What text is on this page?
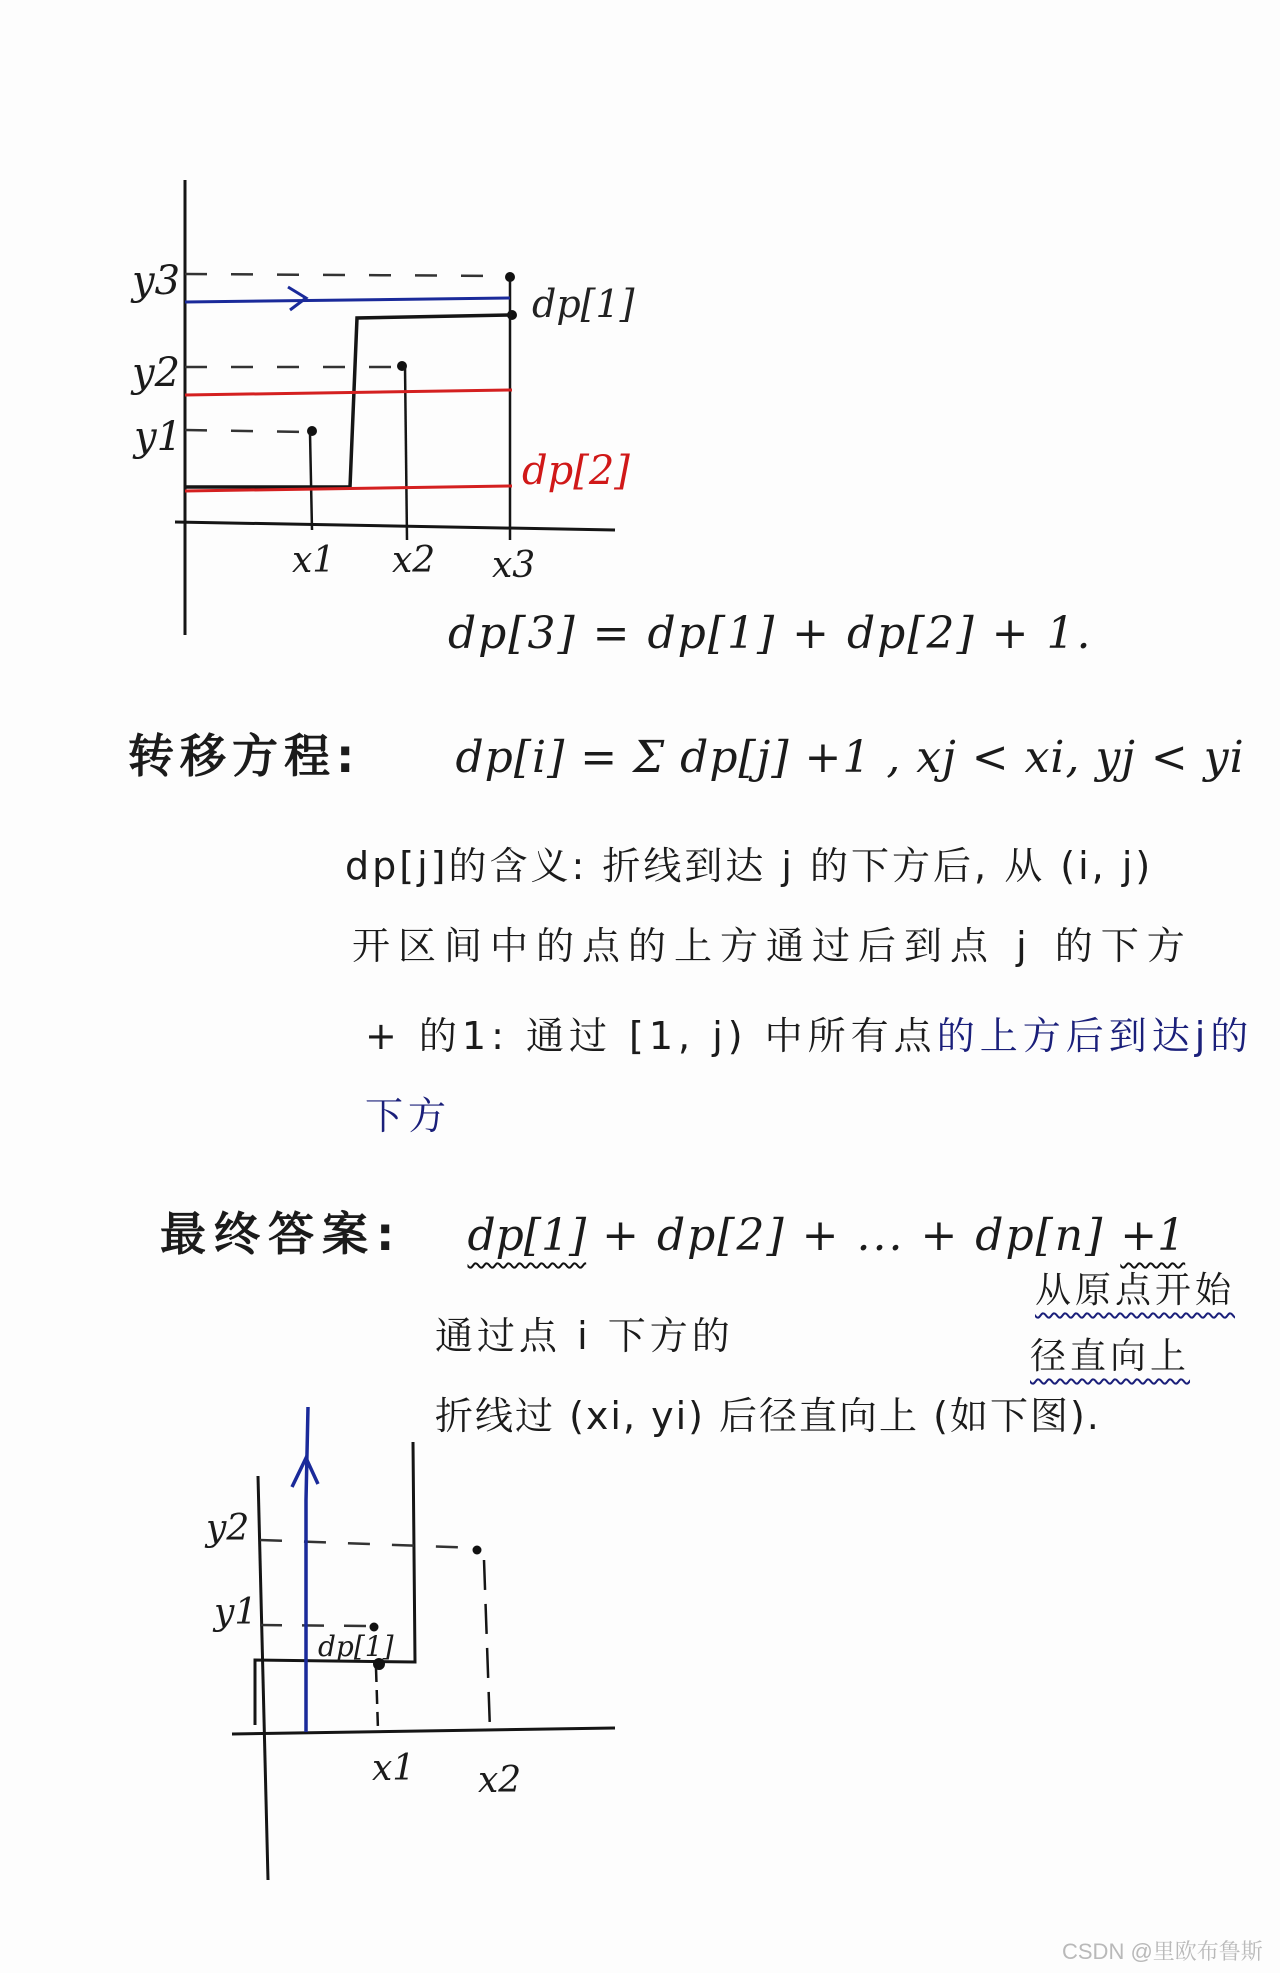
y3
y2
y1
x1 x2 x3
dp[1]
dp[2]
dp[3] = dp[1] + dp[2] + 1.
转移方程: dp[i] = Σ dp[j] +1 , xj < xi, yj < yi
dp[j]的含义: 折线到达 j 的下方后, 从 (i, j)
开区间中的点的上方通过后到点 j 的下方
+ 的1: 通过 [1, j) 中所有点的上方后到达j的
下方
最终答案: dp[1] + dp[2] + ... + dp[n] +1
通过点 i 下方的
折线过 (xi, yi) 后径直向上 (如下图).
从原点开始
径直向上
y2
y1
dp[1]
x1 x2
CSDN @里欧布鲁斯
